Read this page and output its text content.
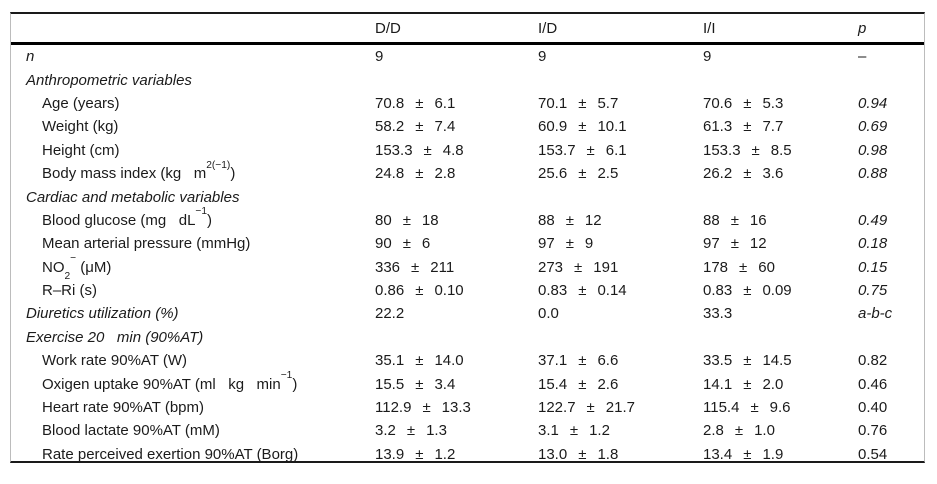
D/D	I/D	I/I	p
n	9	9	9	–
Anthropometric variables
Age (years)	70.8 ± 6.1	70.1 ± 5.7	70.6 ± 5.3	0.94
Weight (kg)	58.2 ± 7.4	60.9 ± 10.1	61.3 ± 7.7	0.69
Height (cm)	153.3 ± 4.8	153.7 ± 6.1	153.3 ± 8.5	0.98
Body mass index (kg   $m^{2(-1)}$)	24.8 ± 2.8	25.6 ± 2.5	26.2 ± 3.6	0.88
Cardiac and metabolic variables
Blood glucose (mg   $dL^{-1}$)	80 ± 18	88 ± 12	88 ± 16	0.49
Mean arterial pressure (mmHg)	90 ± 6	97 ± 9	97 ± 12	0.18
$NO_2^-$ (μM)	336 ± 211	273 ± 191	178 ± 60	0.15
R–Ri (s)	0.86 ± 0.10	0.83 ± 0.14	0.83 ± 0.09	0.75
Diuretics utilization (%)	22.2	0.0	33.3	a-b-c
Exercise 20   min (90%AT)
Work rate 90%AT (W)	35.1 ± 14.0	37.1 ± 6.6	33.5 ± 14.5	0.82
Oxigen uptake 90%AT (ml   kg   $\min^{-1}$)	15.5 ± 3.4	15.4 ± 2.6	14.1 ± 2.0	0.46
Heart rate 90%AT (bpm)	112.9 ± 13.3	122.7 ± 21.7	115.4 ± 9.6	0.40
Blood lactate 90%AT (mM)	3.2 ± 1.3	3.1 ± 1.2	2.8 ± 1.0	0.76
Rate perceived exertion 90%AT (Borg)	13.9 ± 1.2	13.0 ± 1.8	13.4 ± 1.9	0.54
